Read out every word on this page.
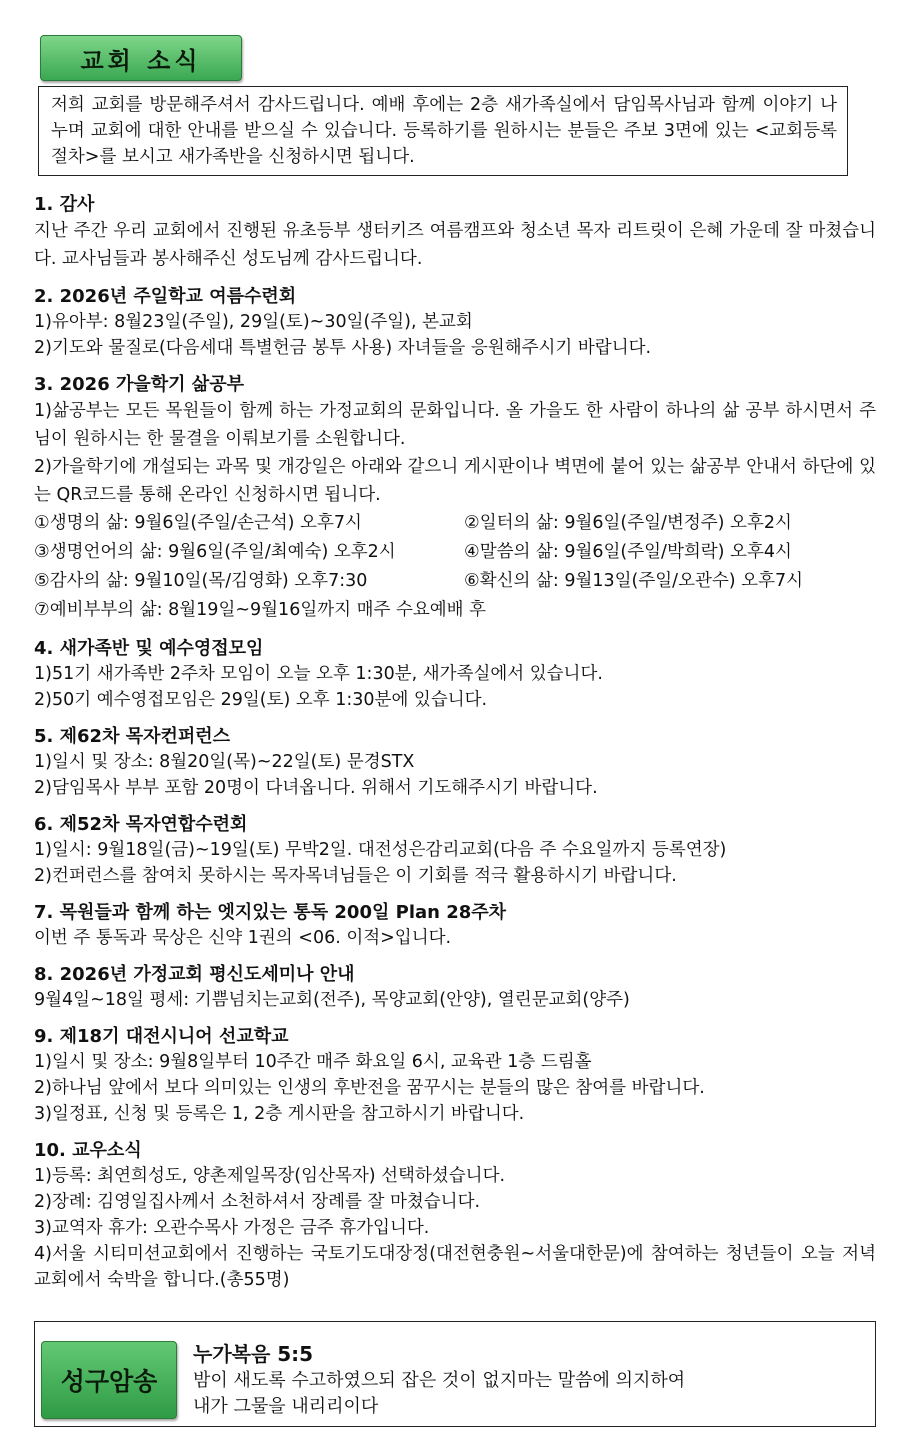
교회 소식
저희 교회를 방문해주셔서 감사드립니다. 예배 후에는 2층 새가족실에서 담임목사님과 함께 이야기 나누며 교회에 대한 안내를 받으실 수 있습니다. 등록하기를 원하시는 분들은 주보 3면에 있는 <교회등록절차>를 보시고 새가족반을 신청하시면 됩니다.
1. 감사
지난 주간 우리 교회에서 진행된 유초등부 생터키즈 여름캠프와 청소년 목자 리트릿이 은혜 가운데 잘 마쳤습니다. 교사님들과 봉사해주신 성도님께 감사드립니다.
2. 2026년 주일학교 여름수련회
1)유아부: 8월23일(주일), 29일(토)~30일(주일), 본교회
2)기도와 물질로(다음세대 특별헌금 봉투 사용) 자녀들을 응원해주시기 바랍니다.
3. 2026 가을학기 삶공부
1)삶공부는 모든 목원들이 함께 하는 가정교회의 문화입니다. 올 가을도 한 사람이 하나의 삶 공부 하시면서 주님이 원하시는 한 물결을 이뤄보기를 소원합니다.
2)가을학기에 개설되는 과목 및 개강일은 아래와 같으니 게시판이나 벽면에 붙어 있는 삶공부 안내서 하단에 있는 QR코드를 통해 온라인 신청하시면 됩니다.
①생명의 삶: 9월6일(주일/손근석) 오후7시	②일터의 삶: 9월6일(주일/변정주) 오후2시
③생명언어의 삶: 9월6일(주일/최예숙) 오후2시	④말씀의 삶: 9월6일(주일/박희락) 오후4시
⑤감사의 삶: 9월10일(목/김영화) 오후7:30	⑥확신의 삶: 9월13일(주일/오관수) 오후7시
⑦예비부부의 삶: 8월19일~9월16일까지 매주 수요예배 후
4. 새가족반 및 예수영접모임
1)51기 새가족반 2주차 모임이 오늘 오후 1:30분, 새가족실에서 있습니다.
2)50기 예수영접모임은 29일(토) 오후 1:30분에 있습니다.
5. 제62차 목자컨퍼런스
1)일시 및 장소: 8월20일(목)~22일(토) 문경STX
2)담임목사 부부 포함 20명이 다녀옵니다. 위해서 기도해주시기 바랍니다.
6. 제52차 목자연합수련회
1)일시: 9월18일(금)~19일(토) 무박2일. 대전성은감리교회(다음 주 수요일까지 등록연장)
2)컨퍼런스를 참여치 못하시는 목자목녀님들은 이 기회를 적극 활용하시기 바랍니다.
7. 목원들과 함께 하는 엣지있는 통독 200일 Plan 28주차
이번 주 통독과 묵상은 신약 1권의 <06. 이적>입니다.
8. 2026년 가정교회 평신도세미나 안내
9월4일~18일 평세: 기쁨넘치는교회(전주), 목양교회(안양), 열린문교회(양주)
9. 제18기 대전시니어 선교학교
1)일시 및 장소: 9월8일부터 10주간 매주 화요일 6시, 교육관 1층 드림홀
2)하나님 앞에서 보다 의미있는 인생의 후반전을 꿈꾸시는 분들의 많은 참여를 바랍니다.
3)일정표, 신청 및 등록은 1, 2층 게시판을 참고하시기 바랍니다.
10. 교우소식
1)등록: 최연희성도, 양촌제일목장(임산목자) 선택하셨습니다.
2)장례: 김영일집사께서 소천하셔서 장례를 잘 마쳤습니다.
3)교역자 휴가: 오관수목사 가정은 금주 휴가입니다.
4)서울 시티미션교회에서 진행하는 국토기도대장정(대전현충원~서울대한문)에 참여하는 청년들이 오늘 저녁 교회에서 숙박을 합니다.(총55명)
성구암송
누가복음 5:5
밤이 새도록 수고하였으되 잡은 것이 없지마는 말씀에 의지하여
내가 그물을 내리리이다
